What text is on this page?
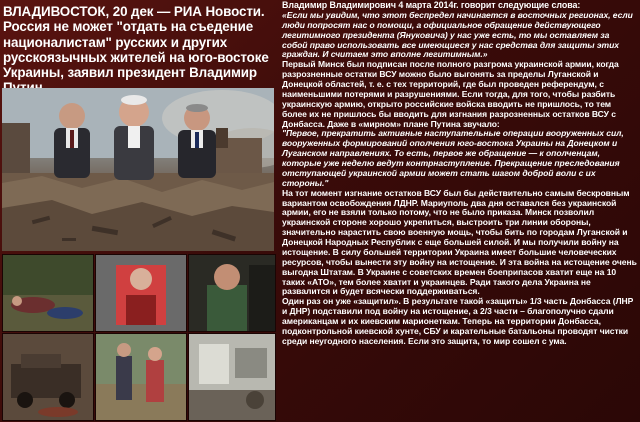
ВЛАДИВОСТОК, 20 дек — РИА Новости. Россия не может "отдать на съедение националистам" русских и других русскоязычных жителей на юго-востоке Украины, заявил президент Владимир

Владимир Владимирович 4 марта 2014г. говорит следующие слова:

«Если мы увидим, что этот беспредел начинается в восточных регионах, если люди попросят нас о помощи, а официальное обращение действующего легитимного президента (Януковича) у нас уже есть, то мы оставляем за собой право использовать все имеющиеся у нас средства для защиты этих граждан. И считаем это вполне легитимным.»

Первый Минск был подписан после полного разгрома украинской армии, когда разрозненные остатки ВСУ можно было выгонять за пределы Луганской и Донецкой областей, т. е. с тех территорий, где был проведен референдум, с наименьшими потерями и разрушениями. Если тогда, для того, чтобы разбить украинскую армию, открыто российские войска вводить не пришлось, то тем более их не пришлось бы вводить для изгнания разрозненных остатков ВСУ с Донбасса. Даже в «мирном» плане Путина звучало:

"Первое, прекратить активные наступательные операции вооруженных сил, вооруженных формирований ополчения юго-востока Украины на Донецком и Луганском направлениях. То есть, первое же обращение — к ополченцам, которые уже неделю ведут контрнаступление. Прекращение преследования отступающей украинской армии может стать шагом доброй воли с их стороны."

На тот момент изгнание остатков ВСУ был бы действительно самым бескровным вариантом освобождения ЛДНР. Мариуполь два дня оставался без украинской армии, его не взяли только потому, что не было приказа. Минск позволил украинской стороне хорошо укрепиться, выстроить три линии обороны, значительно нарастить свою военную мощь, чтобы бить по городам Луганской и Донецкой Народных Республик с еще большей силой. И мы получили войну на истощение. В силу большей территории Украина имеет большие человеческих ресурсов, чтобы вынести эту войну на истощение. И эта война на истощение очень выгодна Штатам. В Украине с советских времен боеприпасов хватит еще на 10 таких «АТО», тем более хватит и украинцев. Ради такого дела Украина не развалится и будет всячески поддерживаться.

Один раз он уже «защитил». В результате такой «защиты» 1/3 часть Донбасса (ЛНР и ДНР) подставили под войну на истощение, а 2/3 части – благополучно сдали американцам и их киевским марионеткам. Теперь на территории Донбасса, подконтрольной киевской хунте, СБУ и карательные батальоны проводят чистки среди неугодного населения. Если это защита, то мир сошел с ума.
